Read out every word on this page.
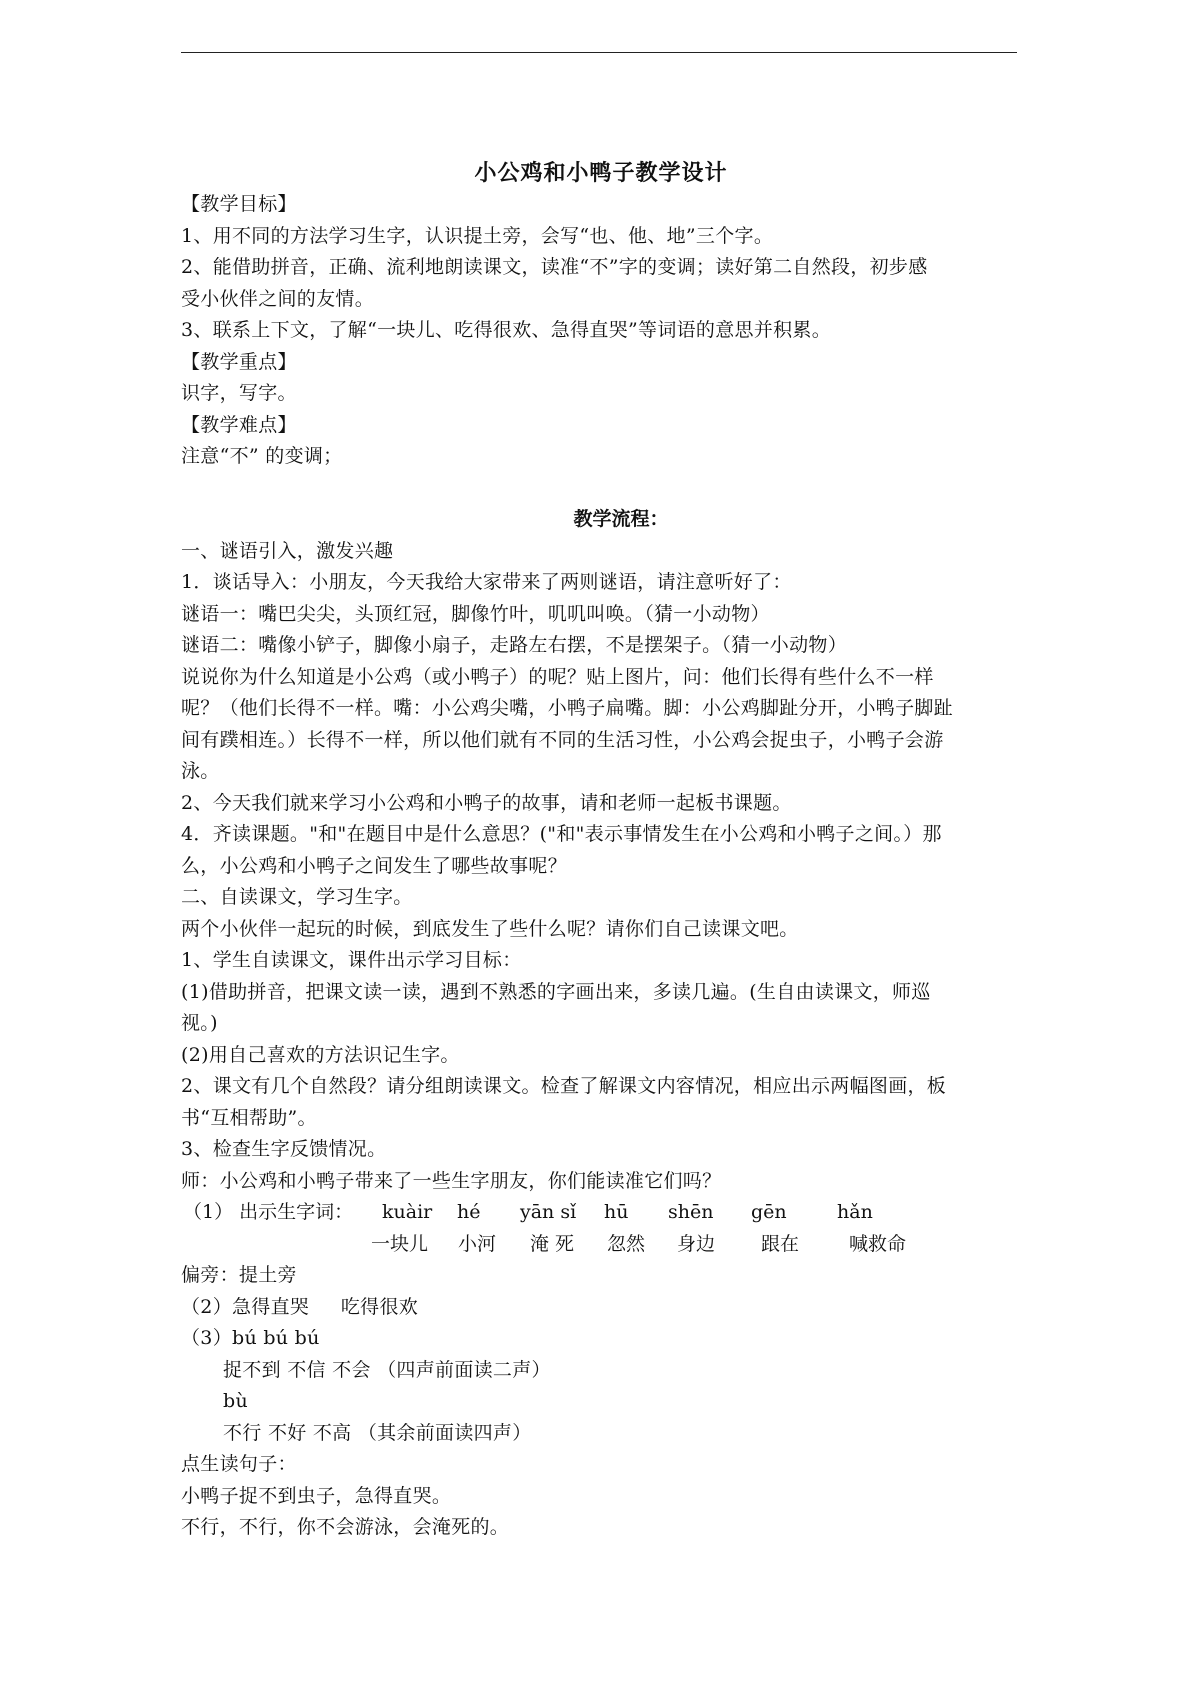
小公鸡和小鸭子教学设计
【教学目标】
1、用不同的方法学习生字，认识提土旁，会写“也、他、地”三个字。
2、能借助拼音，正确、流利地朗读课文，读准“不”字的变调；读好第二自然段，初步感
受小伙伴之间的友情。
3、联系上下文，了解“一块儿、吃得很欢、急得直哭”等词语的意思并积累。
【教学重点】
识字，写字。
【教学难点】
注意“不” 的变调；
教学流程：
一、谜语引入，激发兴趣
1．谈话导入：小朋友，今天我给大家带来了两则谜语，请注意听好了：
谜语一：嘴巴尖尖，头顶红冠，脚像竹叶，叽叽叫唤。（猜一小动物）
谜语二：嘴像小铲子，脚像小扇子，走路左右摆，不是摆架子。（猜一小动物）
说说你为什么知道是小公鸡（或小鸭子）的呢？贴上图片，问：他们长得有些什么不一样
呢？（他们长得不一样。嘴：小公鸡尖嘴，小鸭子扁嘴。脚：小公鸡脚趾分开，小鸭子脚趾
间有蹼相连。）长得不一样，所以他们就有不同的生活习性，小公鸡会捉虫子，小鸭子会游
泳。
2、今天我们就来学习小公鸡和小鸭子的故事，请和老师一起板书课题。
4．齐读课题。"和"在题目中是什么意思？("和"表示事情发生在小公鸡和小鸭子之间。）那
么，小公鸡和小鸭子之间发生了哪些故事呢？
二、自读课文，学习生字。
两个小伙伴一起玩的时候，到底发生了些什么呢？请你们自己读课文吧。
1、学生自读课文，课件出示学习目标：
(1)借助拼音，把课文读一读，遇到不熟悉的字画出来，多读几遍。(生自由读课文，师巡
视。)
(2)用自己喜欢的方法识记生字。
2、课文有几个自然段？请分组朗读课文。检查了解课文内容情况，相应出示两幅图画，板
书“互相帮助”。
3、检查生字反馈情况。
师：小公鸡和小鸭子带来了一些生字朋友，你们能读准它们吗？
（1） 出示生字词： kuàir hé yān sǐ hū shēn gēn	hǎn
一块儿 小河 淹 死 忽然 身边 跟在	喊救命
偏旁：提土旁
（2）急得直哭     吃得很欢
（3）bú bú bú
捉不到 不信 不会 （四声前面读二声）
bù
不行 不好 不高 （其余前面读四声）
点生读句子：
小鸭子捉不到虫子，急得直哭。
不行，不行，你不会游泳，会淹死的。
